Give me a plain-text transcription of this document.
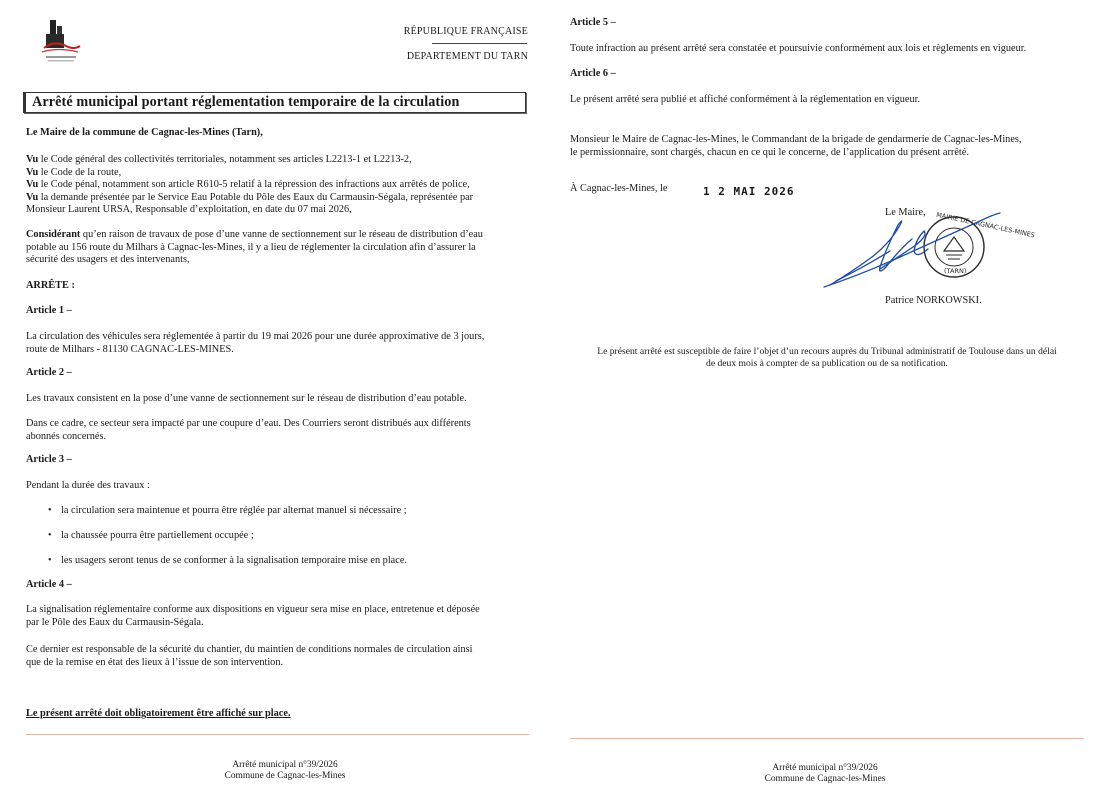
RÉPUBLIQUE FRANÇAISE
DEPARTEMENT DU TARN
Arrêté municipal portant réglementation temporaire de la circulation

Le Maire de la commune de Cagnac-les-Mines (Tarn),

Vu le Code général des collectivités territoriales, notamment ses articles L2213-1 et L2213-2,

Vu le Code de la route,

Vu le Code pénal, notamment son article R610-5 relatif à la répression des infractions aux arrêtés de police,

Vu la demande présentée par le Service Eau Potable du Pôle des Eaux du Carmausin-Ségala, représentée par

Monsieur Laurent URSA, Responsable d’exploitation, en date du 07 mai 2026,

Considérant qu’en raison de travaux de pose d’une vanne de sectionnement sur le réseau de distribution d’eau

potable au 156 route du Milhars à Cagnac-les-Mines, il y a lieu de réglementer la circulation afin d’assurer la

sécurité des usagers et des intervenants,

ARRÊTE :

Article 1 –

La circulation des véhicules sera réglementée à partir du 19 mai 2026 pour une durée approximative de 3 jours,

route de Milhars - 81130 CAGNAC-LES-MINES.

Article 2 –

Les travaux consistent en la pose d’une vanne de sectionnement sur le réseau de distribution d’eau potable.

Dans ce cadre, ce secteur sera impacté par une coupure d’eau. Des Courriers seront distribués aux différents

abonnés concernés.

Article 3 –

Pendant la durée des travaux :

• la circulation sera maintenue et pourra être réglée par alternat manuel si nécessaire ;
• la chaussée pourra être partiellement occupée ;
• les usagers seront tenus de se conformer à la signalisation temporaire mise en place.

Article 4 –

La signalisation réglementaire conforme aux dispositions en vigueur sera mise en place, entretenue et déposée

par le Pôle des Eaux du Carmausin-Ségala.

Ce dernier est responsable de la sécurité du chantier, du maintien de conditions normales de circulation ainsi

que de la remise en état des lieux à l’issue de son intervention.

Le présent arrêté doit obligatoirement être affiché sur place.

Arrêté municipal n°39/2026

Commune de Cagnac-les-Mines

Article 5 –

Toute infraction au présent arrêté sera constatée et poursuivie conformément aux lois et règlements en vigueur.

Article 6 –

Le présent arrêté sera publié et affiché conformément à la réglementation en vigueur.

Monsieur le Maire de Cagnac-les-Mines, le Commandant de la brigade de gendarmerie de Cagnac-les-Mines,

le permissionnaire, sont chargés, chacun en ce qui le concerne, de l’application du présent arrêté.

À Cagnac-les-Mines, le	1 2 MAI 2026

Le Maire, MAIRIE DE CAGNAC-LES-MINES
(TARN)

Patrice NORKOWSKI.

Le présent arrêté est susceptible de faire l’objet d’un recours auprès du Tribunal administratif de Toulouse dans un délai

de deux mois à compter de sa publication ou de sa notification.

Arrêté municipal n°39/2026

Commune de Cagnac-les-Mines
